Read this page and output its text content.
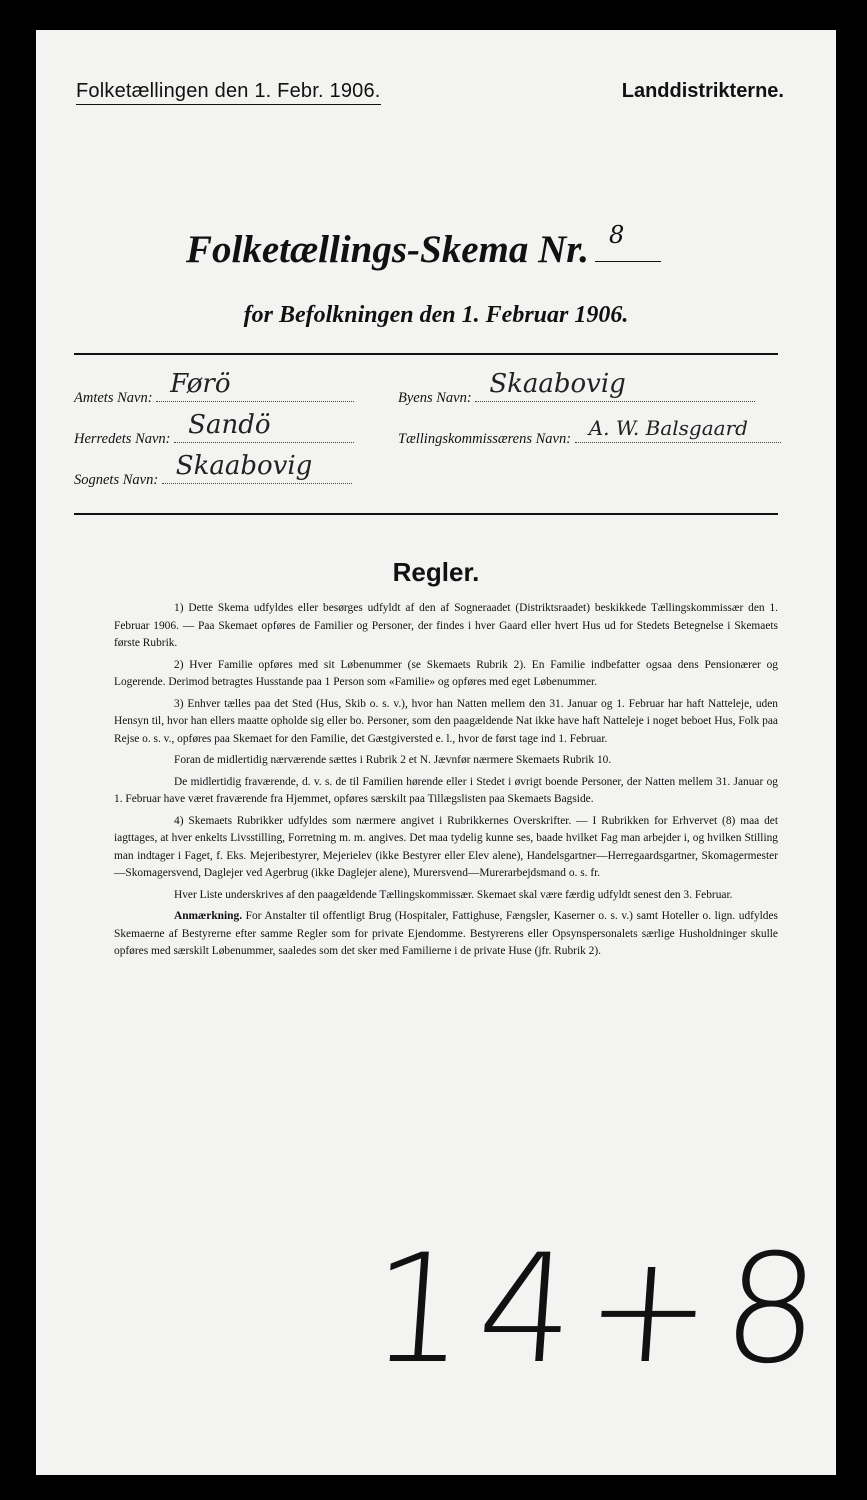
Folketællingen den 1. Febr. 1906.	Landdistrikterne.
Folketællings-Skema Nr. 8
for Befolkningen den 1. Februar 1906.
Amtets Navn: Førö	Byens Navn: Skaabovig
Herredets Navn: Sandö	Tællingskommissærens Navn: A. W. Balsgaard
Sognets Navn: Skaabovig
Regler.

1) Dette Skema udfyldes eller besørges udfyldt af den af Sogneraadet (Distriktsraadet) beskikkede Tællingskommissær den 1. Februar 1906. — Paa Skemaet opføres de Familier og Personer, der findes i hver Gaard eller hvert Hus ud for Stedets Betegnelse i Skemaets første Rubrik.

2) Hver Familie opføres med sit Løbenummer (se Skemaets Rubrik 2). En Familie indbefatter ogsaa dens Pensionærer og Logerende. Derimod betragtes Husstande paa 1 Person som «Familie» og opføres med eget Løbenummer.

3) Enhver tælles paa det Sted (Hus, Skib o. s. v.), hvor han Natten mellem den 31. Januar og 1. Februar har haft Natteleje, uden Hensyn til, hvor han ellers maatte opholde sig eller bo. Personer, som den paagældende Nat ikke have haft Natteleje i noget beboet Hus, Folk paa Rejse o. s. v., opføres paa Skemaet for den Familie, det Gæstgiversted e. l., hvor de først tage ind 1. Februar.

Foran de midlertidig nærværende sættes i Rubrik 2 et N. Jævnfør nærmere Skemaets Rubrik 10.

De midlertidig fraværende, d. v. s. de til Familien hørende eller i Stedet i øvrigt boende Personer, der Natten mellem 31. Januar og 1. Februar have været fraværende fra Hjemmet, opføres særskilt paa Tillægslisten paa Skemaets Bagside.

4) Skemaets Rubrikker udfyldes som nærmere angivet i Rubrikkernes Overskrifter. — I Rubrikken for Erhvervet (8) maa det iagttages, at hver enkelts Livsstilling, Forretning m. m. angives. Det maa tydelig kunne ses, baade hvilket Fag man arbejder i, og hvilken Stilling man indtager i Faget, f. Eks. Mejeribestyrer, Mejerielev (ikke Bestyrer eller Elev alene), Handelsgartner—Herregaardsgartner, Skomagermester—Skomagersvend, Daglejer ved Agerbrug (ikke Daglejer alene), Murersvend—Murerarbejdsmand o. s. fr.

Hver Liste underskrives af den paagældende Tællingskommissær. Skemaet skal være færdig udfyldt senest den 3. Februar.

Anmærkning. For Anstalter til offentligt Brug (Hospitaler, Fattighuse, Fængsler, Kaserner o. s. v.) samt Hoteller o. lign. udfyldes Skemaerne af Bestyrerne efter samme Regler som for private Ejendomme. Bestyrerens eller Opsynspersonalets særlige Husholdninger skulle opføres med særskilt Løbenummer, saaledes som det sker med Familierne i de private Huse (jfr. Rubrik 2).

14+8
